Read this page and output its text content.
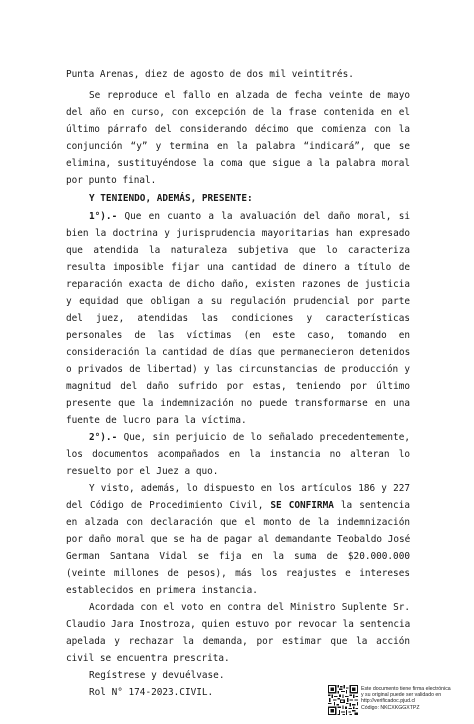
Punta Arenas, diez de agosto de dos mil veintitrés.
Se reproduce el fallo en alzada de fecha veinte de mayo
del año en curso, con excepción de la frase contenida en el
último párrafo del considerando décimo que comienza con la
conjunción “y” y termina en la palabra “indicará”, que se
elimina, sustituyéndose la coma que sigue a la palabra moral
por punto final.
Y TENIENDO, ADEMÁS, PRESENTE:
1°).- Que en cuanto a la avaluación del daño moral, si
bien la doctrina y jurisprudencia mayoritarias han expresado
que atendida la naturaleza subjetiva que lo caracteriza
resulta imposible fijar una cantidad de dinero a título de
reparación exacta de dicho daño, existen razones de justicia
y equidad que obligan a su regulación prudencial por parte
del juez, atendidas las condiciones y características
personales de las víctimas (en este caso, tomando en
consideración la cantidad de días que permanecieron detenidos
o privados de libertad) y las circunstancias de producción y
magnitud del daño sufrido por estas, teniendo por último
presente que la indemnización no puede transformarse en una
fuente de lucro para la víctima.
2°).- Que, sin perjuicio de lo señalado precedentemente,
los documentos acompañados en la instancia no alteran lo
resuelto por el Juez a quo.
Y visto, además, lo dispuesto en los artículos 186 y 227
del Código de Procedimiento Civil, SE CONFIRMA la sentencia
en alzada con declaración que el monto de la indemnización
por daño moral que se ha de pagar al demandante Teobaldo José
German Santana Vidal se fija en la suma de $20.000.000
(veinte millones de pesos), más los reajustes e intereses
establecidos en primera instancia.
Acordada con el voto en contra del Ministro Suplente Sr.
Claudio Jara Inostroza, quien estuvo por revocar la sentencia
apelada y rechazar la demanda, por estimar que la acción
civil se encuentra prescrita.
Regístrese y devuélvase.
Rol N° 174-2023.CIVIL.	Este documento tiene firma electrónica
y su original puede ser validado en
http://verificadoc.pjud.cl
Código: NKCXKGGXTPZ
